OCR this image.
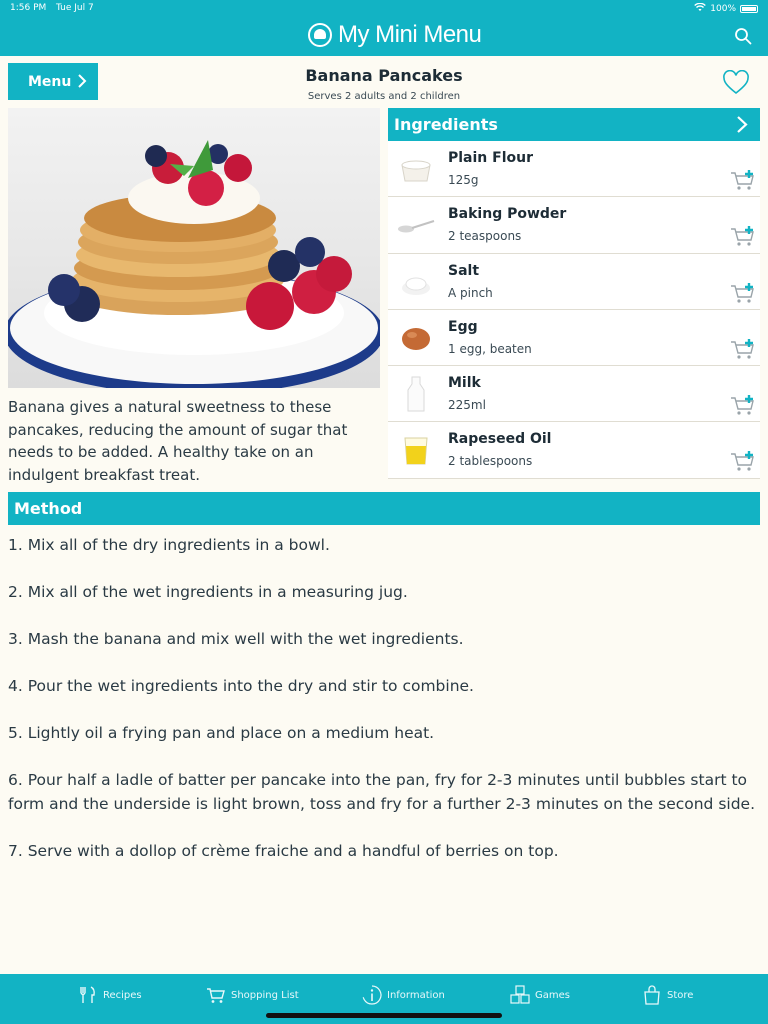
1:56 PM Tue Jul 7	100%
My Mini Menu
Menu	Banana Pancakes
Serves 2 adults and 2 children

Banana gives a natural sweetness to these pancakes, reducing the amount of sugar that needs to be added. A healthy take on an indulgent breakfast treat.

Ingredients
Plain Flour
125g
Baking Powder
2 teaspoons
Salt
A pinch
Egg
1 egg, beaten
Milk
225ml
Rapeseed Oil
2 tablespoons
Method
1. Mix all of the dry ingredients in a bowl.
2. Mix all of the wet ingredients in a measuring jug.
3. Mash the banana and mix well with the wet ingredients.
4. Pour the wet ingredients into the dry and stir to combine.
5. Lightly oil a frying pan and place on a medium heat.
6. Pour half a ladle of batter per pancake into the pan, fry for 2-3 minutes until bubbles start to form and the underside is light brown, toss and fry for a further 2-3 minutes on the second side.
7. Serve with a dollop of crème fraiche and a handful of berries on top.
Recipes	Shopping List	Information	Games	Store
